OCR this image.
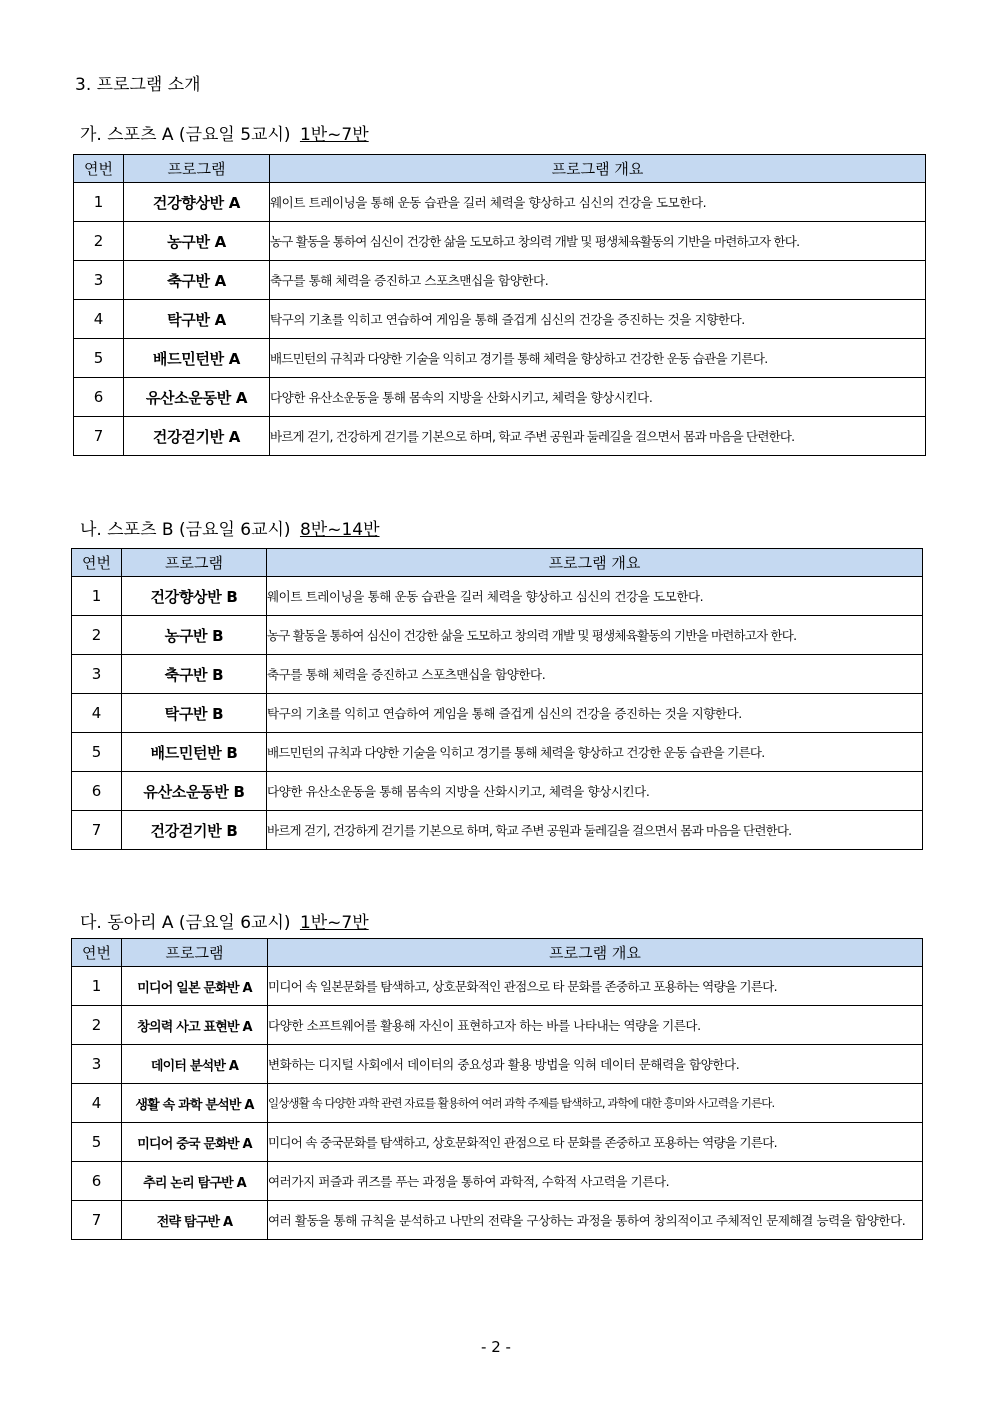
3. 프로그램 소개
가. 스포츠 A (금요일 5교시) 1반~7반
연번	프로그램	프로그램 개요
1	건강향상반 A	웨이트 트레이닝을 통해 운동 습관을 길러 체력을 향상하고 심신의 건강을 도모한다.
2	농구반 A	농구 활동을 통하여 심신이 건강한 삶을 도모하고 창의력 개발 및 평생체육활동의 기반을 마련하고자 한다.
3	축구반 A	축구를 통해 체력을 증진하고 스포츠맨십을 함양한다.
4	탁구반 A	탁구의 기초를 익히고 연습하여 게임을 통해 즐겁게 심신의 건강을 증진하는 것을 지향한다.
5	배드민턴반 A	배드민턴의 규칙과 다양한 기술을 익히고 경기를 통해 체력을 향상하고 건강한 운동 습관을 기른다.
6	유산소운동반 A	다양한 유산소운동을 통해 몸속의 지방을 산화시키고, 체력을 향상시킨다.
7	건강걷기반 A	바르게 걷기, 건강하게 걷기를 기본으로 하며, 학교 주변 공원과 둘레길을 걸으면서 몸과 마음을 단련한다.
나. 스포츠 B (금요일 6교시) 8반~14반
연번	프로그램	프로그램 개요
1	건강향상반 B	웨이트 트레이닝을 통해 운동 습관을 길러 체력을 향상하고 심신의 건강을 도모한다.
2	농구반 B	농구 활동을 통하여 심신이 건강한 삶을 도모하고 창의력 개발 및 평생체육활동의 기반을 마련하고자 한다.
3	축구반 B	축구를 통해 체력을 증진하고 스포츠맨십을 함양한다.
4	탁구반 B	탁구의 기초를 익히고 연습하여 게임을 통해 즐겁게 심신의 건강을 증진하는 것을 지향한다.
5	배드민턴반 B	배드민턴의 규칙과 다양한 기술을 익히고 경기를 통해 체력을 향상하고 건강한 운동 습관을 기른다.
6	유산소운동반 B	다양한 유산소운동을 통해 몸속의 지방을 산화시키고, 체력을 향상시킨다.
7	건강걷기반 B	바르게 걷기, 건강하게 걷기를 기본으로 하며, 학교 주변 공원과 둘레길을 걸으면서 몸과 마음을 단련한다.
다. 동아리 A (금요일 6교시) 1반~7반
연번	프로그램	프로그램 개요
1	미디어 일본 문화반 A	미디어 속 일본문화를 탐색하고, 상호문화적인 관점으로 타 문화를 존중하고 포용하는 역량을 기른다.
2	창의력 사고 표현반 A	다양한 소프트웨어를 활용해 자신이 표현하고자 하는 바를 나타내는 역량을 기른다.
3	데이터 분석반 A	변화하는 디지털 사회에서 데이터의 중요성과 활용 방법을 익혀 데이터 문해력을 함양한다.
4	생활 속 과학 분석반 A	일상생활 속 다양한 과학 관련 자료를 활용하여 여러 과학 주제를 탐색하고, 과학에 대한 흥미와 사고력을 기른다.
5	미디어 중국 문화반 A	미디어 속 중국문화를 탐색하고, 상호문화적인 관점으로 타 문화를 존중하고 포용하는 역량을 기른다.
6	추리 논리 탐구반 A	여러가지 퍼즐과 퀴즈를 푸는 과정을 통하여 과학적, 수학적 사고력을 기른다.
7	전략 탐구반 A	여러 활동을 통해 규칙을 분석하고 나만의 전략을 구상하는 과정을 통하여 창의적이고 주체적인 문제해결 능력을 함양한다.
- 2 -
